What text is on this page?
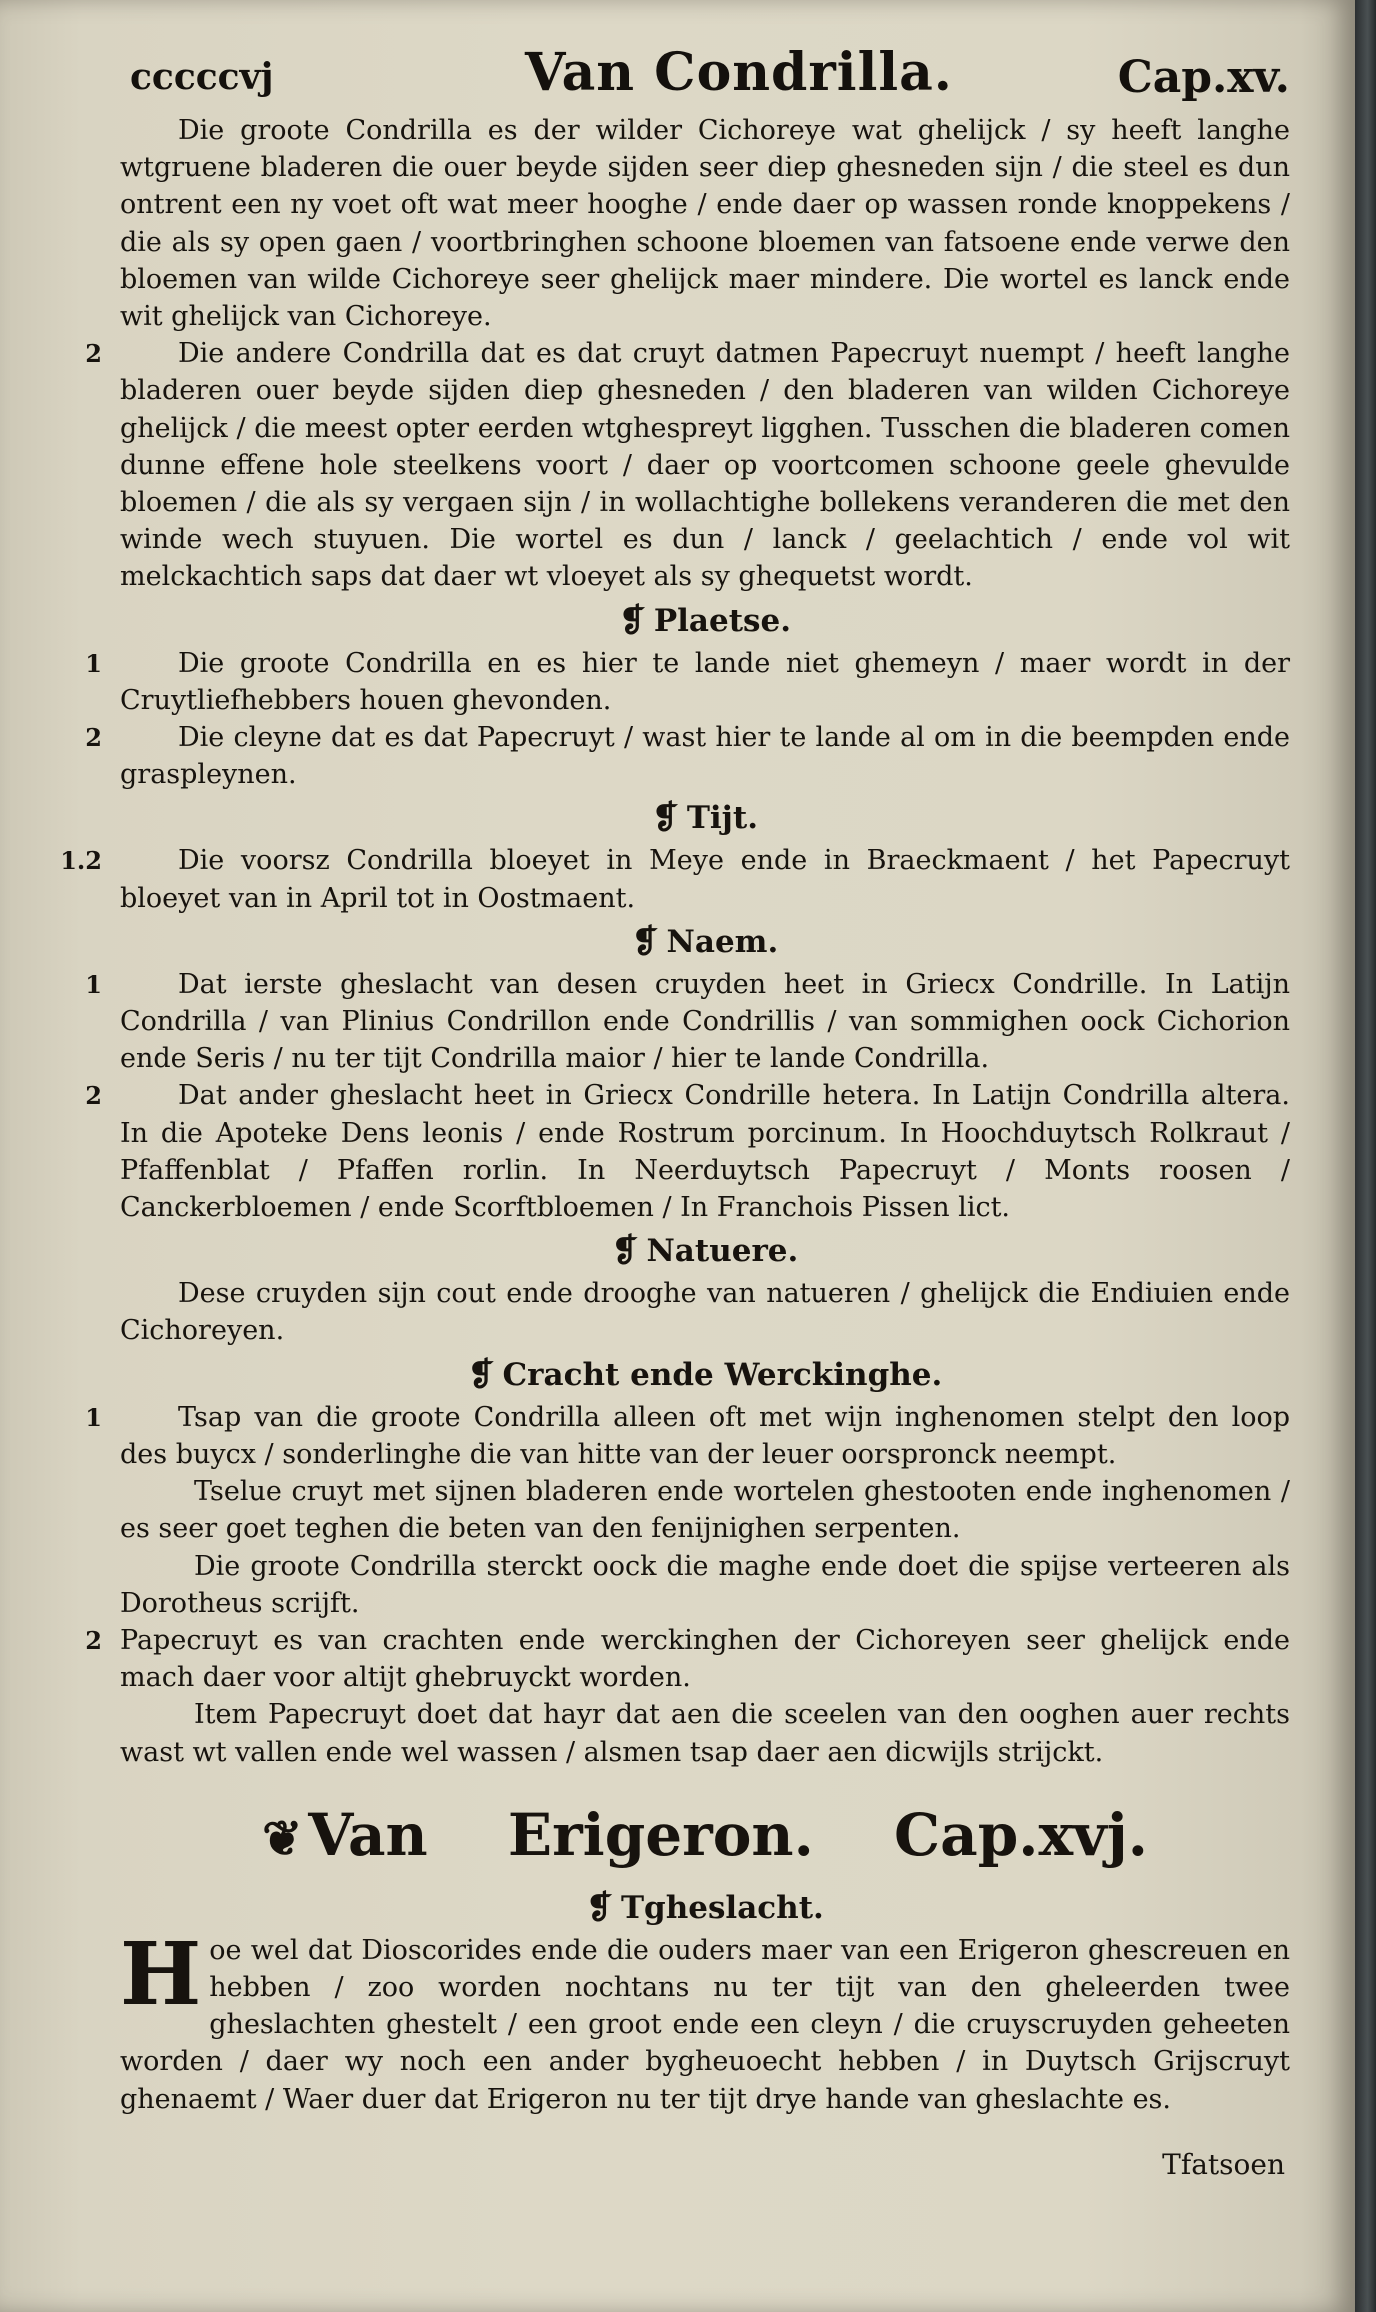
cccccvj	Van Condrilla.	Cap.xv.

Die groote Condrilla es der wilder Cichoreye wat ghelijck / sy heeft langhe wtgruene bladeren die ouer beyde sijden seer diep ghesneden sijn / die steel es dun ontrent een ny voet oft wat meer hooghe / ende daer op wassen ronde knoppekens / die als sy open gaen / voortbringhen schoone bloemen van fatsoene ende verwe den bloemen van wilde Cichoreye seer ghelijck maer mindere. Die wortel es lanck ende wit ghelijck van Cichoreye.

2	Die andere Condrilla dat es dat cruyt datmen Papecruyt nuempt / heeft langhe bladeren ouer beyde sijden diep ghesneden / den bladeren van wilden Cichoreye ghelijck / die meest opter eerden wtghespreyt ligghen. Tusschen die bladeren comen dunne effene hole steelkens voort / daer op voortcomen schoone geele ghevulde bloemen / die als sy vergaen sijn / in wollachtighe bollekens veranderen die met den winde wech stuyuen. Die wortel es dun / lanck / geelachtich / ende vol wit melckachtich saps dat daer wt vloeyet als sy ghequetst wordt.

❡ Plaetse.

1	Die groote Condrilla en es hier te lande niet ghemeyn / maer wordt in der Cruytliefhebbers houen ghevonden.

2	Die cleyne dat es dat Papecruyt / wast hier te lande al om in die beempden ende grasplеynen.

❡ Tijt.

1.2	Die voorsz Condrilla bloeyet in Meye ende in Braeckmaent / het Papecruyt bloeyet van in April tot in Oostmaent.

❡ Naem.

1	Dat ierste gheslacht van desen cruyden heet in Griecx Condrille. In Latijn Condrilla / van Plinius Condrillon ende Condrillis / van sommighen oock Cichorion ende Seris / nu ter tijt Condrilla maior / hier te lande Condrilla.

2	Dat ander gheslacht heet in Griecx Condrille hetera. In Latijn Condrilla altera. In die Apoteke Dens leonis / ende Rostrum porcinum. In Hoochduytsch Rolkraut / Pfaffenblat / Pfaffen rorlin. In Neerduytsch Papecruyt / Monts roosen / Canckerbloemen / ende Scorftbloemen / In Franchois Pissen lict.

❡ Natuere.

Dese cruyden sijn cout ende drooghe van natueren / ghelijck die Endiuien ende Cichoreyen.

❡ Cracht ende Werckinghe.

1	Tsap van die groote Condrilla alleen oft met wijn inghenomen stelpt den loop des buycx / sonderlinghe die van hitte van der leuer oorspronck neempt.

Tselue cruyt met sijnen bladeren ende wortelen ghestooten ende inghenomen / es seer goet teghen die beten van den fenijnighen serpenten.

Die groote Condrilla sterckt oock die maghe ende doet die spijse verteeren als Dorotheus scrijft.

2 Papecruyt es van crachten ende werckinghen der Cichoreyen seer ghelijck ende mach daer voor altijt ghebruyckt worden.

Item Papecruyt doet dat hayr dat aen die sceelen van den ooghen auer rechts wast wt vallen ende wel wassen / alsmen tsap daer aen dicwijls strijckt.

❦ Van Erigeron. Cap.xvj.
❡ Tgheslacht.

Hoe wel dat Dioscorides ende die ouders maer van een Erigeron ghescreuen en hebben / zoo worden nochtans nu ter tijt van den gheleerden twee gheslachten ghestelt / een groot ende een cleyn / die cruyscruyden geheeten worden / daer wy noch een ander bygheuoecht hebben / in Duytsch Grijscruyt ghenaemt / Waer duer dat Erigeron nu ter tijt drye hande van gheslachte es.

Tfatsoen
